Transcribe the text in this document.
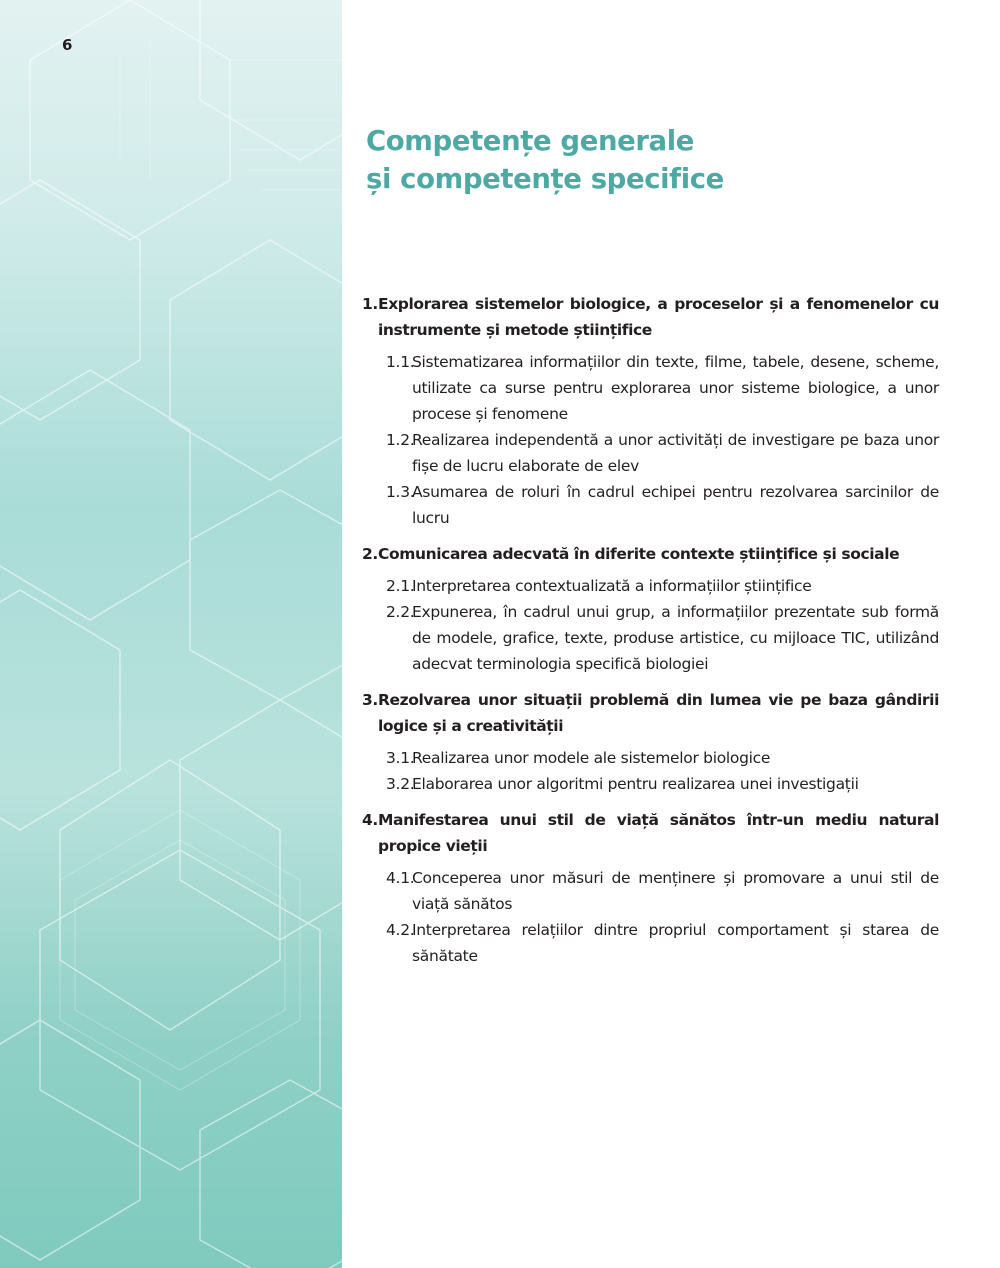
6
Competențe generale
și competențe specifice
1. Explorarea sistemelor biologice, a proceselor și a fenomenelor cu instrumente și metode științifice
1.1.
Sistematizarea informațiilor din texte, filme, tabele, desene, scheme, utilizate ca surse pentru explorarea unor sisteme biologice, a unor procese și fenomene
1.2.
Realizarea independentă a unor activități de investigare pe baza unor fișe de lucru elaborate de elev
1.3.
Asumarea de roluri în cadrul echipei pentru rezolvarea sarcinilor de lucru
2. Comunicarea adecvată în diferite contexte științifice și sociale
2.1.
Interpretarea contextualizată a informațiilor științifice
2.2.
Expunerea, în cadrul unui grup, a informațiilor prezentate sub formă de modele, grafice, texte, produse artistice, cu mijloace TIC, utilizând adecvat terminologia specifică biologiei
3. Rezolvarea unor situații problemă din lumea vie pe baza gândirii logice și a creativității
3.1.
Realizarea unor modele ale sistemelor biologice
3.2.
Elaborarea unor algoritmi pentru realizarea unei investigații
4. Manifestarea unui stil de viață sănătos într-un mediu natural propice vieții
4.1.
Conceperea unor măsuri de menținere și promovare a unui stil de viață sănătos
4.2.
Interpretarea relațiilor dintre propriul comportament și starea de sănătate
